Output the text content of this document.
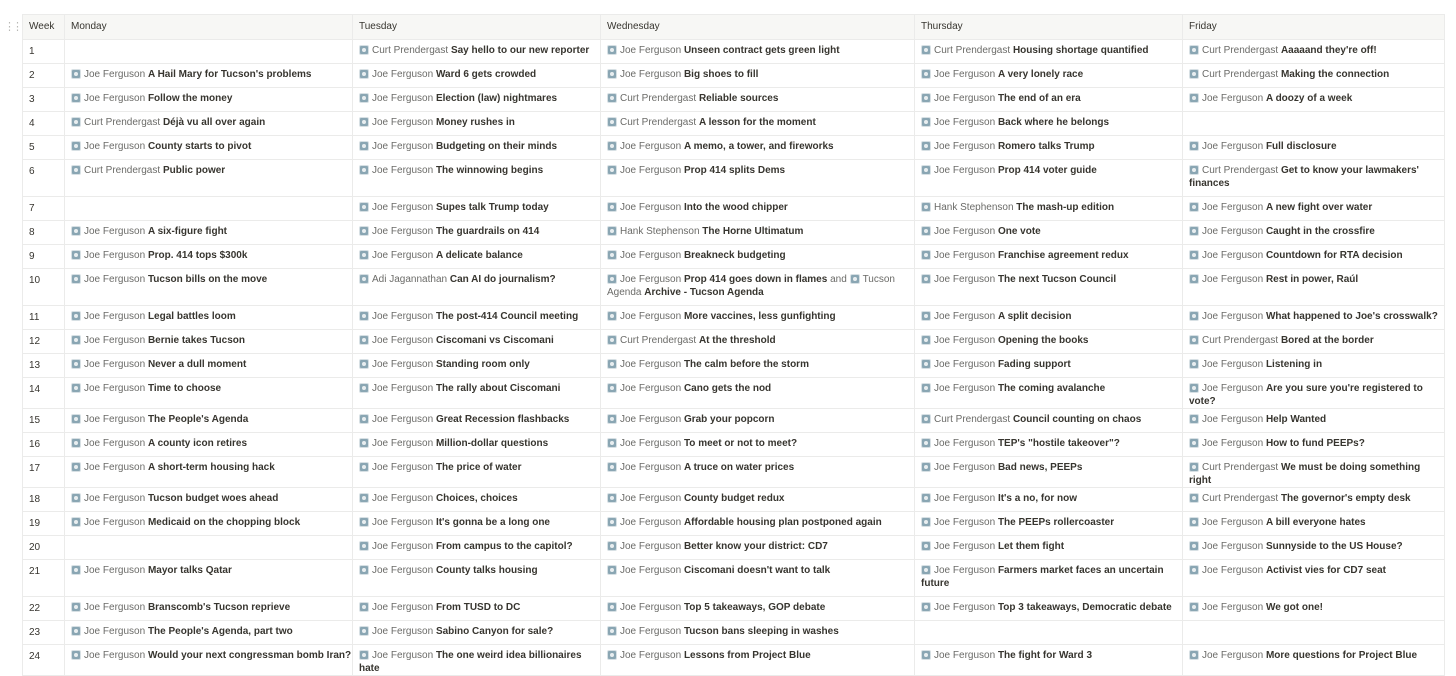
⋮⋮ Week	Monday	Tuesday	Wednesday	Thursday	Friday
1		Curt Prendergast Say hello to our new reporter	Joe Ferguson Unseen contract gets green light	Curt Prendergast Housing shortage quantified	Curt Prendergast Aaaaand they're off!

2	Joe Ferguson A Hail Mary for Tucson's problems	Joe Ferguson Ward 6 gets crowded	Joe Ferguson Big shoes to fill	Joe Ferguson A very lonely race	Curt Prendergast Making the connection

3	Joe Ferguson Follow the money	Joe Ferguson Election (law) nightmares	Curt Prendergast Reliable sources	Joe Ferguson The end of an era	Joe Ferguson A doozy of a week

4	Curt Prendergast Déjà vu all over again	Joe Ferguson Money rushes in	Curt Prendergast A lesson for the moment	Joe Ferguson Back where he belongs	

5	Joe Ferguson County starts to pivot	Joe Ferguson Budgeting on their minds	Joe Ferguson A memo, a tower, and fireworks	Joe Ferguson Romero talks Trump	Joe Ferguson Full disclosure

6	Curt Prendergast Public power	Joe Ferguson The winnowing begins	Joe Ferguson Prop 414 splits Dems	Joe Ferguson Prop 414 voter guide	Curt Prendergast Get to know your lawmakers' finances

7		Joe Ferguson Supes talk Trump today	Joe Ferguson Into the wood chipper	Hank Stephenson The mash-up edition	Joe Ferguson A new fight over water

8	Joe Ferguson A six-figure fight	Joe Ferguson The guardrails on 414	Hank Stephenson The Horne Ultimatum	Joe Ferguson One vote	Joe Ferguson Caught in the crossfire

9	Joe Ferguson Prop. 414 tops $300k	Joe Ferguson A delicate balance	Joe Ferguson Breakneck budgeting	Joe Ferguson Franchise agreement redux	Joe Ferguson Countdown for RTA decision

10	Joe Ferguson Tucson bills on the move	Adi Jagannathan Can AI do journalism?	Joe Ferguson Prop 414 goes down in flames and Tucson Agenda Archive - Tucson Agenda	Joe Ferguson The next Tucson Council	Joe Ferguson Rest in power, Raúl

11	Joe Ferguson Legal battles loom	Joe Ferguson The post-414 Council meeting	Joe Ferguson More vaccines, less gunfighting	Joe Ferguson A split decision	Joe Ferguson What happened to Joe's crosswalk?

12	Joe Ferguson Bernie takes Tucson	Joe Ferguson Ciscomani vs Ciscomani	Curt Prendergast At the threshold	Joe Ferguson Opening the books	Curt Prendergast Bored at the border

13	Joe Ferguson Never a dull moment	Joe Ferguson Standing room only	Joe Ferguson The calm before the storm	Joe Ferguson Fading support	Joe Ferguson Listening in

14	Joe Ferguson Time to choose	Joe Ferguson The rally about Ciscomani	Joe Ferguson Cano gets the nod	Joe Ferguson The coming avalanche	Joe Ferguson Are you sure you're registered to vote?

15	Joe Ferguson The People's Agenda	Joe Ferguson Great Recession flashbacks	Joe Ferguson Grab your popcorn	Curt Prendergast Council counting on chaos	Joe Ferguson Help Wanted

16	Joe Ferguson A county icon retires	Joe Ferguson Million-dollar questions	Joe Ferguson To meet or not to meet?	Joe Ferguson TEP's "hostile takeover"?	Joe Ferguson How to fund PEEPs?

17	Joe Ferguson A short-term housing hack	Joe Ferguson The price of water	Joe Ferguson A truce on water prices	Joe Ferguson Bad news, PEEPs	Curt Prendergast We must be doing something right

18	Joe Ferguson Tucson budget woes ahead	Joe Ferguson Choices, choices	Joe Ferguson County budget redux	Joe Ferguson It's a no, for now	Curt Prendergast The governor's empty desk

19	Joe Ferguson Medicaid on the chopping block	Joe Ferguson It's gonna be a long one	Joe Ferguson Affordable housing plan postponed again	Joe Ferguson The PEEPs rollercoaster	Joe Ferguson A bill everyone hates

20		Joe Ferguson From campus to the capitol?	Joe Ferguson Better know your district: CD7	Joe Ferguson Let them fight	Joe Ferguson Sunnyside to the US House?

21	Joe Ferguson Mayor talks Qatar	Joe Ferguson County talks housing	Joe Ferguson Ciscomani doesn't want to talk	Joe Ferguson Farmers market faces an uncertain future	Joe Ferguson Activist vies for CD7 seat

22	Joe Ferguson Branscomb's Tucson reprieve	Joe Ferguson From TUSD to DC	Joe Ferguson Top 5 takeaways, GOP debate	Joe Ferguson Top 3 takeaways, Democratic debate	Joe Ferguson We got one!

23	Joe Ferguson The People's Agenda, part two	Joe Ferguson Sabino Canyon for sale?	Joe Ferguson Tucson bans sleeping in washes		

24	Joe Ferguson Would your next congressman bomb Iran?	Joe Ferguson The one weird idea billionaires hate	Joe Ferguson Lessons from Project Blue	Joe Ferguson The fight for Ward 3	Joe Ferguson More questions for Project Blue
